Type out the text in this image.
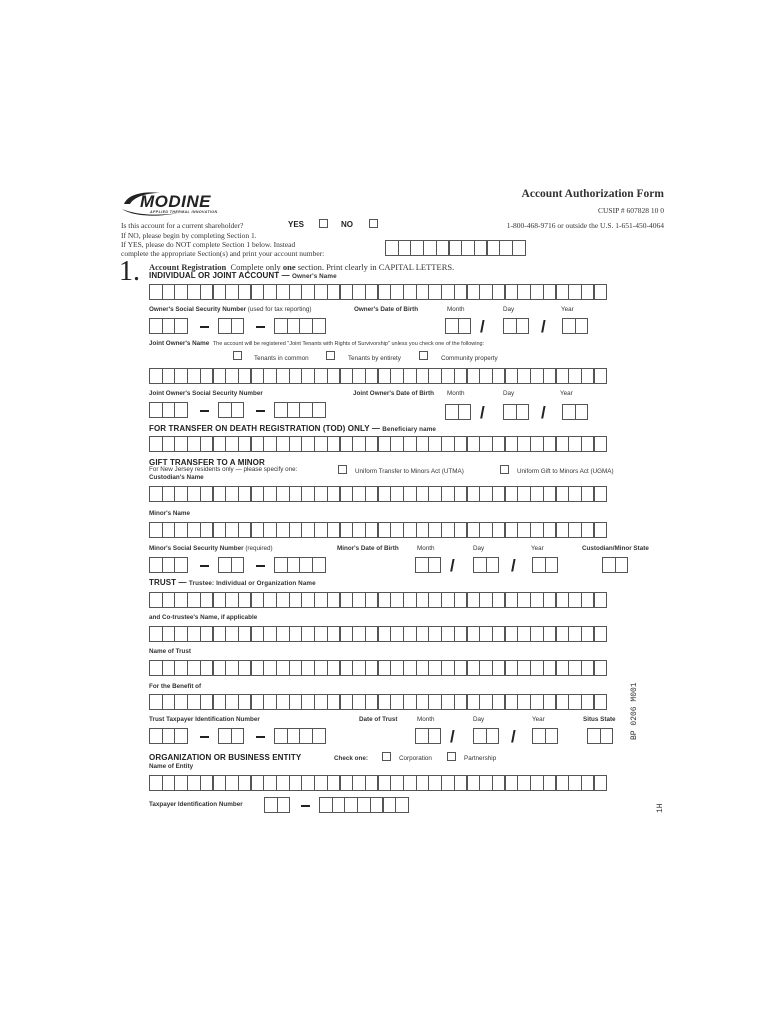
MODINE
APPLIED THERMAL INNOVATION
Account Authorization Form
CUSIP # 607828 10 0
1-800-468-9716 or outside the U.S. 1-651-450-4064
Is this account for a current shareholder?	YES	NO
If NO, please begin by completing Section 1.
If YES, please do NOT complete Section 1 below. Instead
complete the appropriate Section(s) and print your account number:
1. Account Registration Complete only one section. Print clearly in CAPITAL LETTERS.
INDIVIDUAL OR JOINT ACCOUNT — Owner's Name
Owner's Social Security Number (used for tax reporting)	Owner's Date of Birth	Month	Day	Year
/	/
Joint Owner's Name The account will be registered "Joint Tenants with Rights of Survivorship" unless you check one of the following:
Tenants in common	Tenants by entirety	Community property
Joint Owner's Social Security Number	Joint Owner's Date of Birth Month	Day	Year
/	/
FOR TRANSFER ON DEATH REGISTRATION (TOD) ONLY — Beneficiary name
GIFT TRANSFER TO A MINOR
For New Jersey residents only — please specify one:
Custodian's Name
Uniform Transfer to Minors Act (UTMA)	Uniform Gift to Minors Act (UGMA)
Minor's Name
Minor's Social Security Number (required)	Minor's Date of Birth	Month	Day	Year	Custodian/Minor State
/	/
TRUST — Trustee: Individual or Organization Name
and Co-trustee's Name, if applicable
Name of Trust
For the Benefit of
Trust Taxpayer Identification Number	Date of Trust	Month	Day	Year	Situs State
/	/
ORGANIZATION OR BUSINESS ENTITY	Check one:	Corporation	Partnership
Name of Entity
Taxpayer Identification Number
BP 0206 M001
1H
